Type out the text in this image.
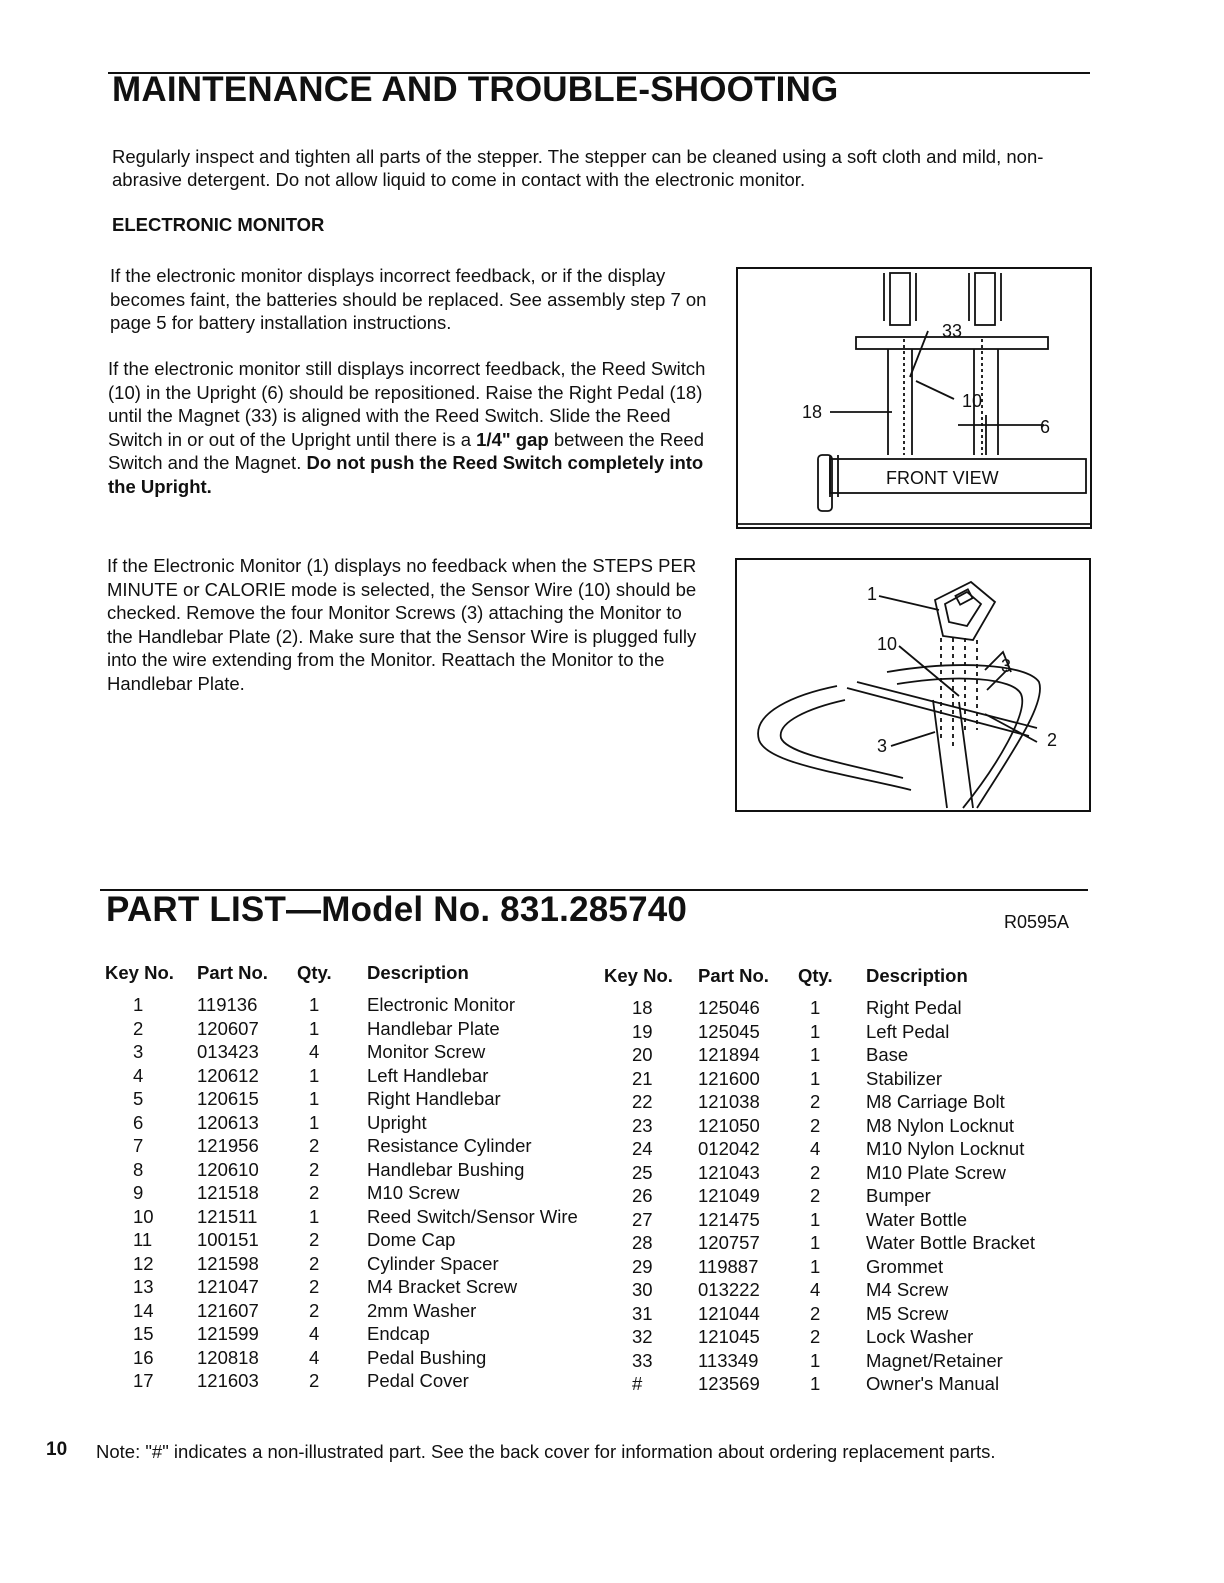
MAINTENANCE AND TROUBLE-SHOOTING
Regularly inspect and tighten all parts of the stepper. The stepper can be cleaned using a soft cloth and mild, non-abrasive detergent. Do not allow liquid to come in contact with the electronic monitor.
ELECTRONIC MONITOR
If the electronic monitor displays incorrect feedback, or if the display becomes faint, the batteries should be replaced. See assembly step 7 on page 5 for battery installation instructions.
If the electronic monitor still displays incorrect feedback, the Reed Switch (10) in the Upright (6) should be repositioned. Raise the Right Pedal (18) until the Magnet (33) is aligned with the Reed Switch. Slide the Reed Switch in or out of the Upright until there is a 1/4" gap between the Reed Switch and the Magnet. Do not push the Reed Switch completely into the Upright.
If the Electronic Monitor (1) displays no feedback when the STEPS PER MINUTE or CALORIE mode is selected, the Sensor Wire (10) should be checked. Remove the four Monitor Screws (3) attaching the Monitor to the Handlebar Plate (2). Make sure that the Sensor Wire is plugged fully into the wire extending from the Monitor. Reattach the Monitor to the Handlebar Plate.
33
10
18
6
FRONT VIEW
1
10
3
3	2
PART LIST—Model No. 831.285740	R0595A
Key No.	Part No.	Qty.	Description
1	119136	1	Electronic Monitor
2	120607	1	Handlebar Plate
3	013423	4	Monitor Screw
4	120612	1	Left Handlebar
5	120615	1	Right Handlebar
6	120613	1	Upright
7	121956	2	Resistance Cylinder
8	120610	2	Handlebar Bushing
9	121518	2	M10 Screw
10	121511	1	Reed Switch/Sensor Wire
11	100151	2	Dome Cap
12	121598	2	Cylinder Spacer
13	121047	2	M4 Bracket Screw
14	121607	2	2mm Washer
15	121599	4	Endcap
16	120818	4	Pedal Bushing
17	121603	2	Pedal Cover
Key No.	Part No.	Qty.	Description
18	125046	1	Right Pedal
19	125045	1	Left Pedal
20	121894	1	Base
21	121600	1	Stabilizer
22	121038	2	M8 Carriage Bolt
23	121050	2	M8 Nylon Locknut
24	012042	4	M10 Nylon Locknut
25	121043	2	M10 Plate Screw
26	121049	2	Bumper
27	121475	1	Water Bottle
28	120757	1	Water Bottle Bracket
29	119887	1	Grommet
30	013222	4	M4 Screw
31	121044	2	M5 Screw
32	121045	2	Lock Washer
33	113349	1	Magnet/Retainer
#	123569	1	Owner's Manual
10 Note: "#" indicates a non-illustrated part. See the back cover for information about ordering replacement parts.
